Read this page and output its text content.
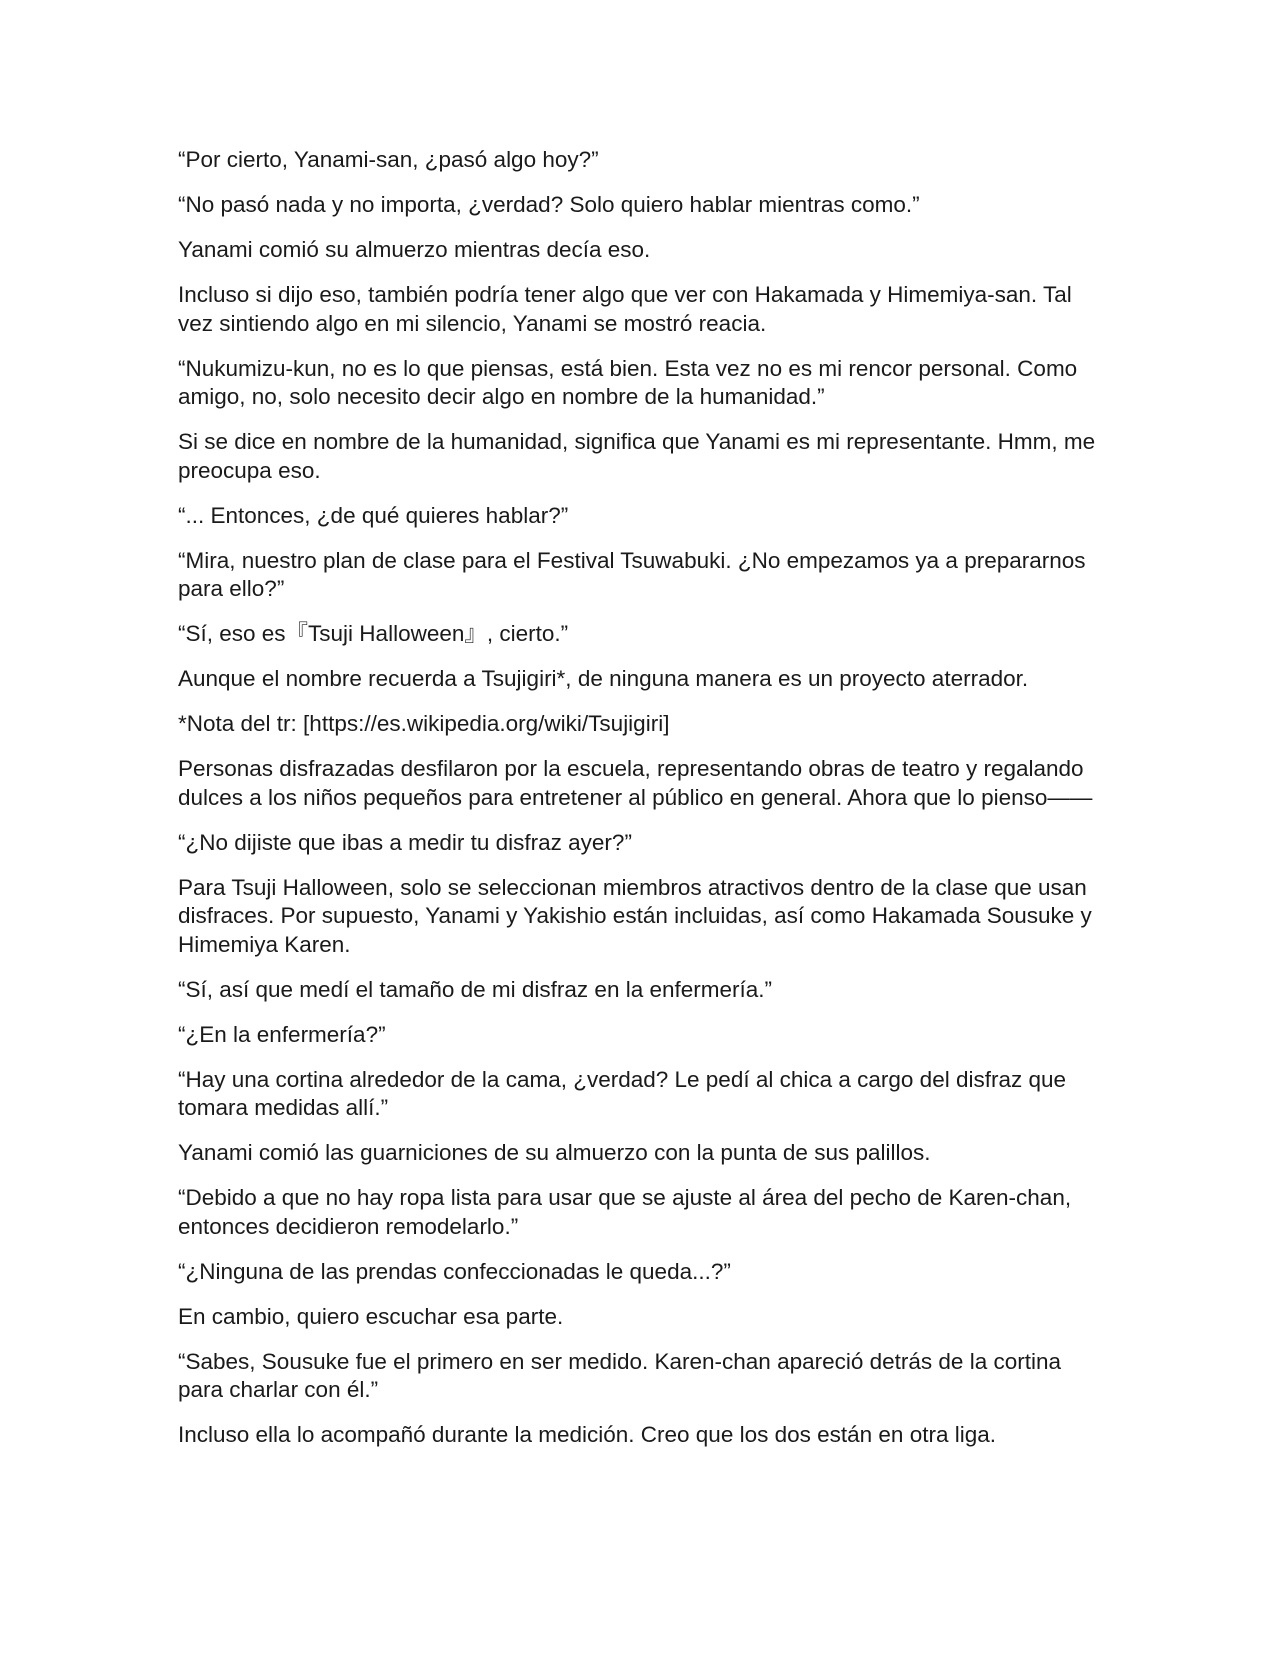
“Por cierto, Yanami-san, ¿pasó algo hoy?”

“No pasó nada y no importa, ¿verdad? Solo quiero hablar mientras como.”

Yanami comió su almuerzo mientras decía eso.

Incluso si dijo eso, también podría tener algo que ver con Hakamada y Himemiya-san. Tal vez sintiendo algo en mi silencio, Yanami se mostró reacia.

“Nukumizu-kun, no es lo que piensas, está bien. Esta vez no es mi rencor personal. Como amigo, no, solo necesito decir algo en nombre de la humanidad.”

Si se dice en nombre de la humanidad, significa que Yanami es mi representante. Hmm, me preocupa eso.

“... Entonces, ¿de qué quieres hablar?”

“Mira, nuestro plan de clase para el Festival Tsuwabuki. ¿No empezamos ya a prepararnos para ello?”

“Sí, eso es『Tsuji Halloween』, cierto.”

Aunque el nombre recuerda a Tsujigiri*, de ninguna manera es un proyecto aterrador.

*Nota del tr: [https://es.wikipedia.org/wiki/Tsujigiri]

Personas disfrazadas desfilaron por la escuela, representando obras de teatro y regalando dulces a los niños pequeños para entretener al público en general. Ahora que lo pienso——

“¿No dijiste que ibas a medir tu disfraz ayer?”

Para Tsuji Halloween, solo se seleccionan miembros atractivos dentro de la clase que usan disfraces. Por supuesto, Yanami y Yakishio están incluidas, así como Hakamada Sousuke y Himemiya Karen.

“Sí, así que medí el tamaño de mi disfraz en la enfermería.”

“¿En la enfermería?”

“Hay una cortina alrededor de la cama, ¿verdad? Le pedí al chica a cargo del disfraz que tomara medidas allí.”

Yanami comió las guarniciones de su almuerzo con la punta de sus palillos.

“Debido a que no hay ropa lista para usar que se ajuste al área del pecho de Karen-chan, entonces decidieron remodelarlo.”

“¿Ninguna de las prendas confeccionadas le queda...?”

En cambio, quiero escuchar esa parte.

“Sabes, Sousuke fue el primero en ser medido. Karen-chan apareció detrás de la cortina para charlar con él.”

Incluso ella lo acompañó durante la medición. Creo que los dos están en otra liga.
